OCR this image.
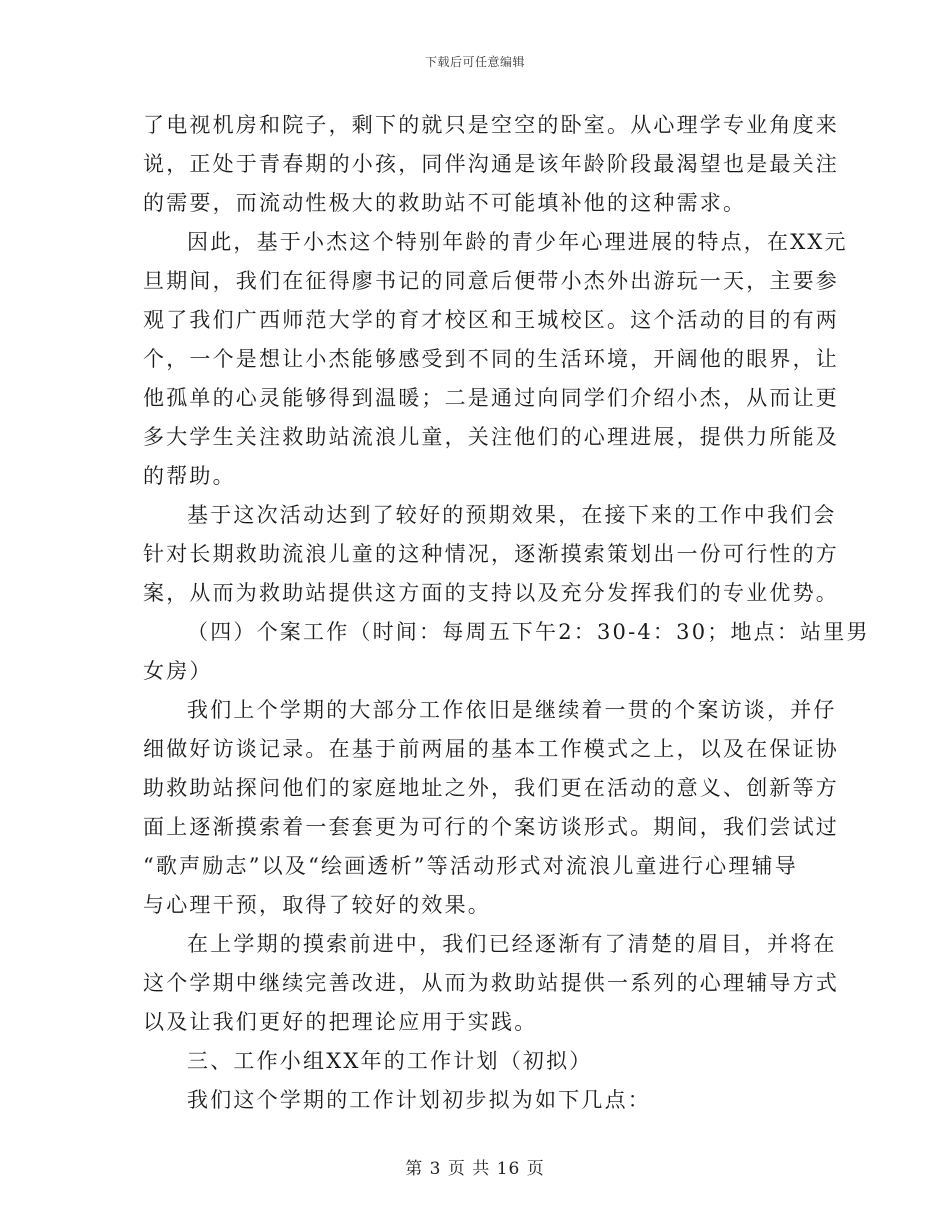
下载后可任意编辑
了电视机房和院子，剩下的就只是空空的卧室。从心理学专业角度来
说，正处于青春期的小孩，同伴沟通是该年龄阶段最渴望也是最关注
的需要，而流动性极大的救助站不可能填补他的这种需求。
因此，基于小杰这个特别年龄的青少年心理进展的特点，在XX元
旦期间，我们在征得廖书记的同意后便带小杰外出游玩一天，主要参
观了我们广西师范大学的育才校区和王城校区。这个活动的目的有两
个，一个是想让小杰能够感受到不同的生活环境，开阔他的眼界，让
他孤单的心灵能够得到温暖；二是通过向同学们介绍小杰，从而让更
多大学生关注救助站流浪儿童，关注他们的心理进展，提供力所能及
的帮助。
基于这次活动达到了较好的预期效果，在接下来的工作中我们会
针对长期救助流浪儿童的这种情况，逐渐摸索策划出一份可行性的方
案，从而为救助站提供这方面的支持以及充分发挥我们的专业优势。
（四）个案工作（时间：每周五下午2：30-4：30；地点：站里男
女房）
我们上个学期的大部分工作依旧是继续着一贯的个案访谈，并仔
细做好访谈记录。在基于前两届的基本工作模式之上，以及在保证协
助救助站探问他们的家庭地址之外，我们更在活动的意义、创新等方
面上逐渐摸索着一套套更为可行的个案访谈形式。期间，我们尝试过
“歌声励志”以及“绘画透析”等活动形式对流浪儿童进行心理辅导
与心理干预，取得了较好的效果。
在上学期的摸索前进中，我们已经逐渐有了清楚的眉目，并将在
这个学期中继续完善改进，从而为救助站提供一系列的心理辅导方式
以及让我们更好的把理论应用于实践。
三、工作小组XX年的工作计划（初拟）
我们这个学期的工作计划初步拟为如下几点：
第 3 页 共 16 页
